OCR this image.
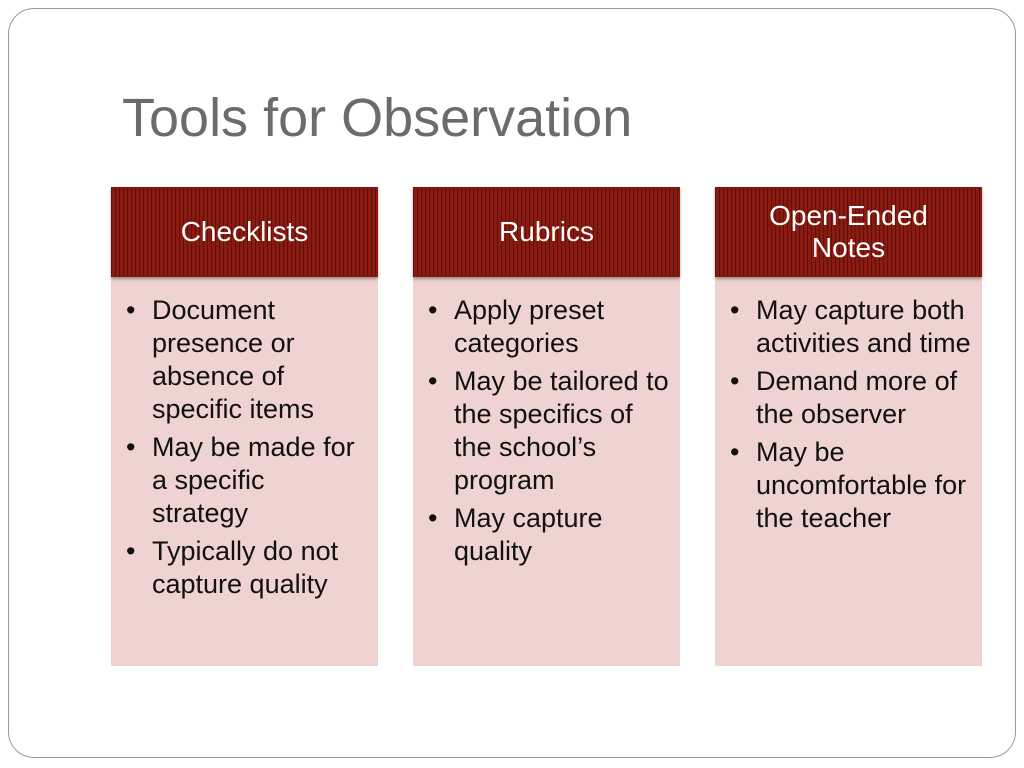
Tools for Observation
Checklists
• Document presence or absence of specific items
• May be made for a specific strategy
• Typically do not capture quality
Rubrics
• Apply preset categories
• May be tailored to the specifics of the school’s program
• May capture quality
Open-Ended Notes
• May capture both activities and time
• Demand more of the observer
• May be uncomfortable for the teacher
